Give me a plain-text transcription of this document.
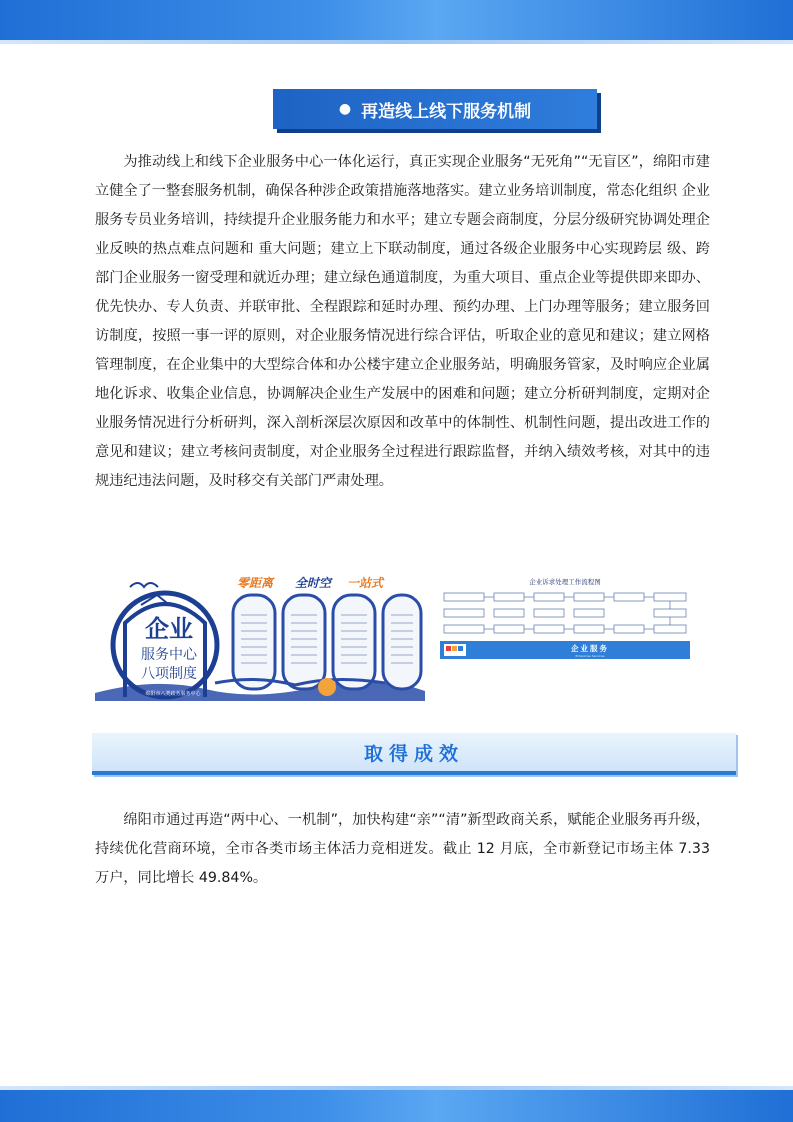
● 再造线上线下服务机制

为推动线上和线下企业服务中心一体化运行，真正实现企业服务“无死角”“无盲区”，绵阳市建立健全了一整套服务机制，确保各种涉企政策措施落地落实。建立业务培训制度，常态化组织 企业服务专员业务培训，持续提升企业服务能力和水平；建立专题会商制度，分层分级研究协调处理企业反映的热点难点问题和 重大问题；建立上下联动制度，通过各级企业服务中心实现跨层 级、跨部门企业服务一窗受理和就近办理；建立绿色通道制度，为重大项目、重点企业等提供即来即办、优先快办、专人负责、并联审批、全程跟踪和延时办理、预约办理、上门办理等服务；建立服务回访制度，按照一事一评的原则，对企业服务情况进行综合评估，听取企业的意见和建议；建立网格管理制度，在企业集中的大型综合体和办公楼宇建立企业服务站，明确服务管家，及时响应企业属地化诉求、收集企业信息，协调解决企业生产发展中的困难和问题；建立分析研判制度，定期对企业服务情况进行分析研判，深入剖析深层次原因和改革中的体制性、机制性问题，提出改进工作的意见和建议；建立考核问责制度，对企业服务全过程进行跟踪监督，并纳入绩效考核，对其中的违规违纪违法问题，及时移交有关部门严肃处理。

企业
服务中心
八项制度
绵阳市八类政务服务中心
零距离 全时空 一站式	企业诉求处理工作流程图
企业服务
Enterprise Services
取得成效

绵阳市通过再造“两中心、一机制”，加快构建“亲”“清”新型政商关系，赋能企业服务再升级，持续优化营商环境，全市各类市场主体活力竞相迸发。截止 12 月底，全市新登记市场主体 7.33 万户，同比增长 49.84%。
